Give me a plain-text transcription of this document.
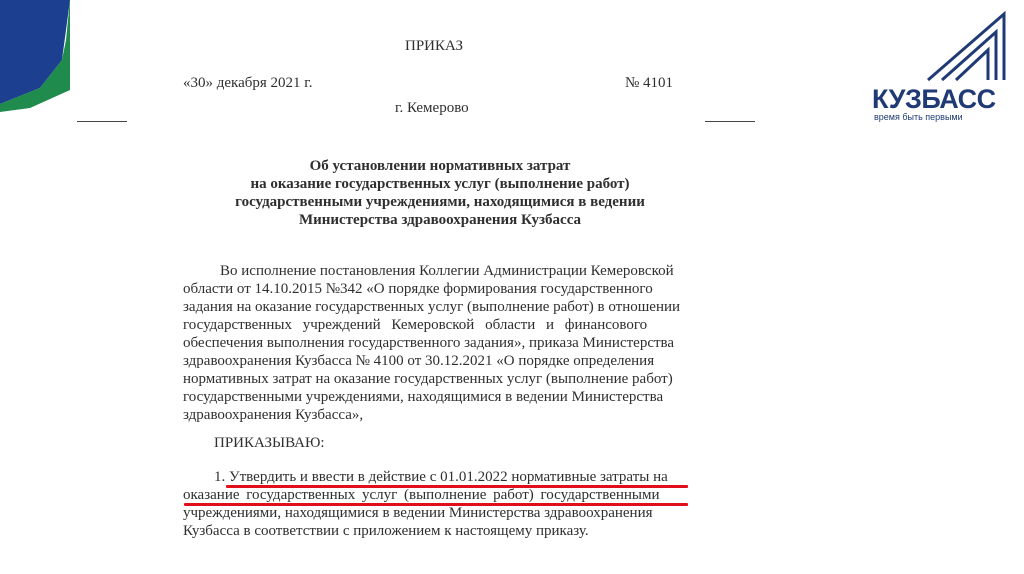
КУЗБАСС
время быть первыми
ПРИКАЗ
«30» декабря 2021 г.	№ 4101
г. Кемерово
Об установлении нормативных затрат
на оказание государственных услуг (выполнение работ)
государственными учреждениями, находящимися в ведении
Министерства здравоохранения Кузбасса
Во исполнение постановления Коллегии Администрации Кемеровской
области от 14.10.2015 №342 «О порядке формирования государственного
задания на оказание государственных услуг (выполнение работ) в отношении
государственных учреждений Кемеровской области и финансового
обеспечения выполнения государственного задания», приказа Министерства
здравоохранения Кузбасса № 4100 от 30.12.2021 «О порядке определения
нормативных затрат на оказание государственных услуг (выполнение работ)
государственными учреждениями, находящимися в ведении Министерства
здравоохранения Кузбасса»,
ПРИКАЗЫВАЮ:
1. Утвердить и ввести в действие с 01.01.2022 нормативные затраты на
оказание государственных услуг (выполнение работ) государственными
учреждениями, находящимися в ведении Министерства здравоохранения
Кузбасса в соответствии с приложением к настоящему приказу.
